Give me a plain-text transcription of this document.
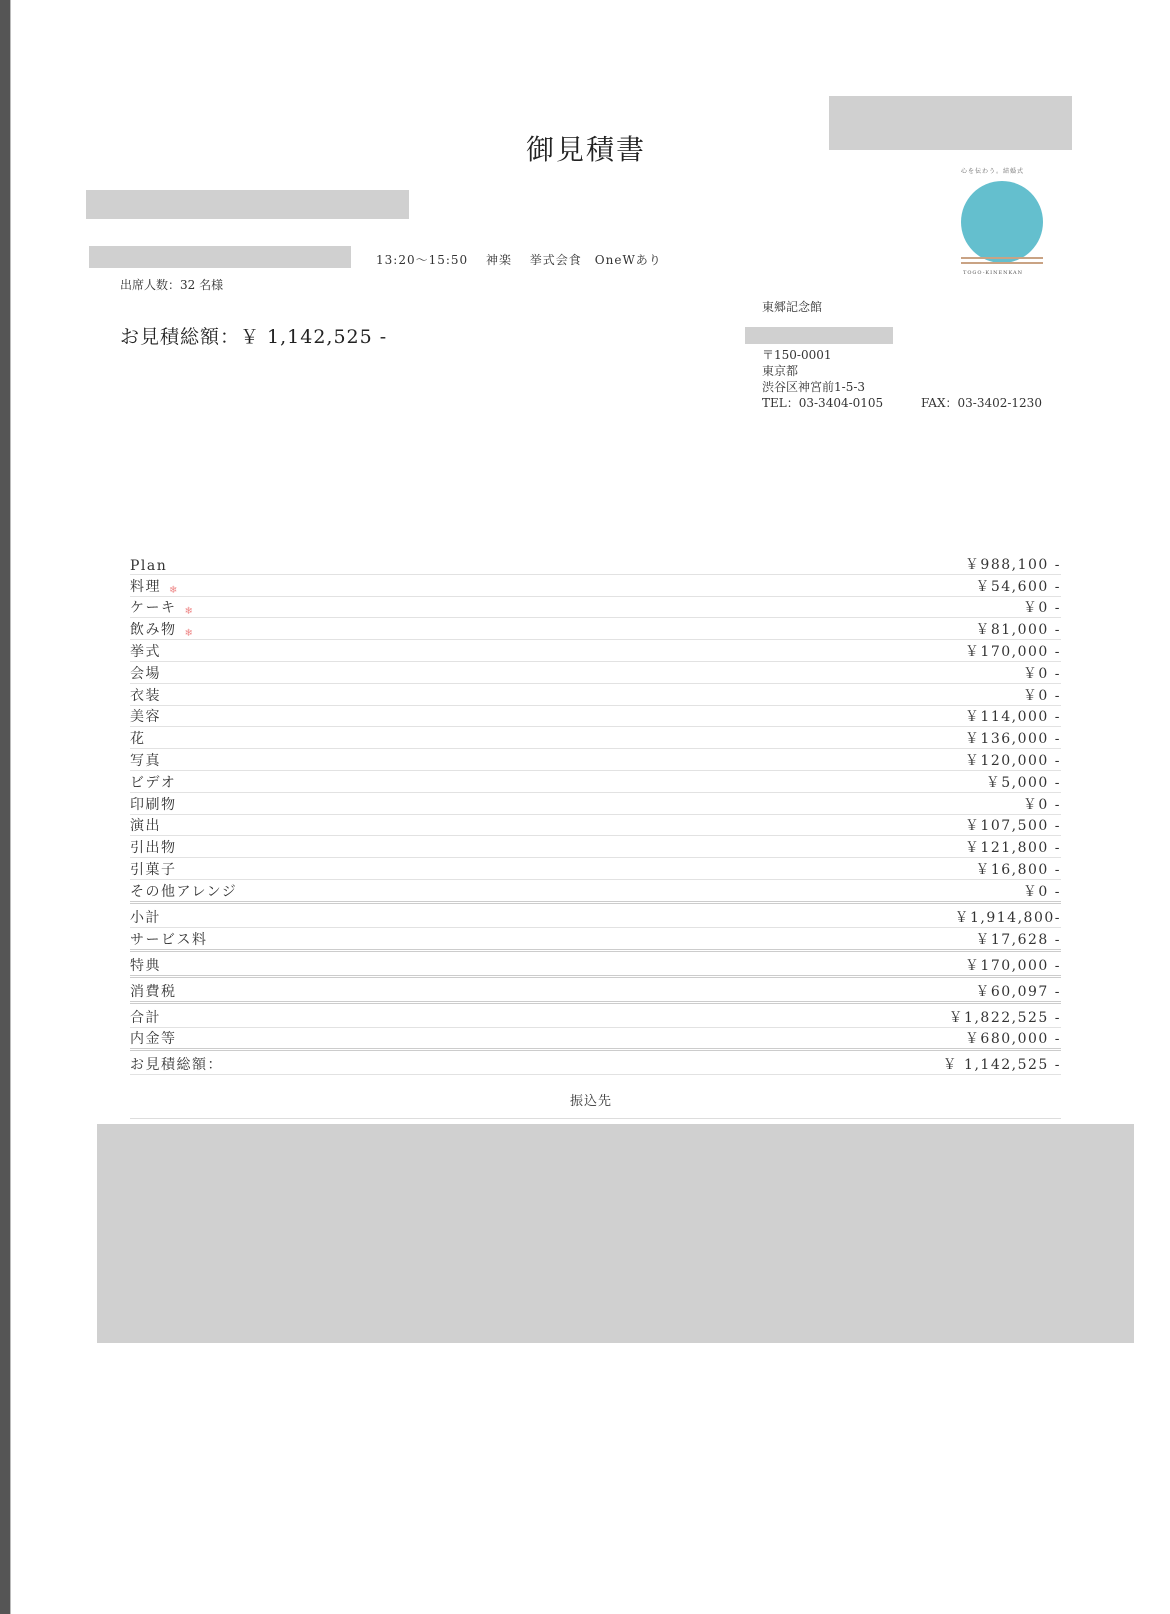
御見積書
心を伝わう。結婚式
TOGO-KINENKAN
13:20〜15:50　 神楽　 挙式会食　OneWあり
出席人数：32 名様
お見積総額：￥ 1,142,525 -
東郷記念館
〒150-0001
東京都
渋谷区神宮前1-5-3
TEL：03-3404-0105	FAX：03-3402-1230
Plan	￥988,100 -
料理 ❄	￥54,600 -
ケーキ ❄	￥0 -
飲み物 ❄	￥81,000 -
挙式	￥170,000 -
会場	￥0 -
衣装	￥0 -
美容	￥114,000 -
花	￥136,000 -
写真	￥120,000 -
ビデオ	￥5,000 -
印刷物	￥0 -
演出	￥107,500 -
引出物	￥121,800 -
引菓子	￥16,800 -
その他アレンジ	￥0 -
小計	￥1,914,800-
サービス料	￥17,628 -
特典	￥170,000 -
消費税	￥60,097 -
合計	￥1,822,525 -
内金等	￥680,000 -
お見積総額：	￥ 1,142,525 -
振込先
